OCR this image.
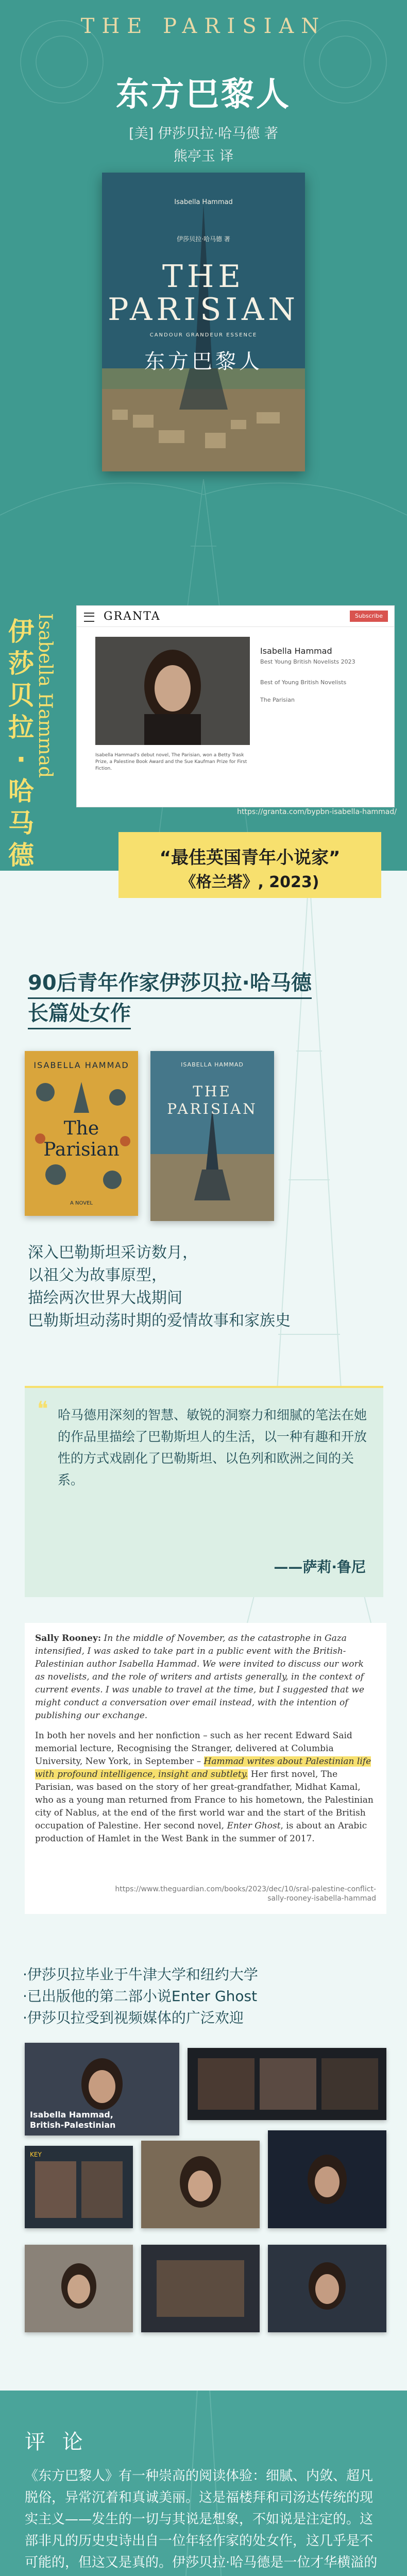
THE PARISIAN
东方巴黎人
[美] 伊莎贝拉·哈马德 著
熊亭玉 译
Isabella Hammad
伊莎贝拉·哈马德 著
THE PARISIAN
CANDOUR GRANDEUR ESSENCE
东方巴黎人
伊莎贝拉·哈马德
Isabella Hammad	GRANTA	Subscribe
Isabella Hammad
Best Young British Novelists 2023
Best of Young British Novelists
The Parisian
Isabella Hammad's debut novel, The Parisian, won a Betty Trask Prize, a Palestine Book Award and the Sue Kaufman Prize for First Fiction.
https://granta.com/bypbn-isabella-hammad/
“最佳英国青年小说家”
《格兰塔》, 2023)
90后青年作家伊莎贝拉·哈马德
长篇处女作
ISABELLA HAMMAD
The Parisian
A NOVEL
ISABELLA HAMMAD
THE PARISIAN
深入巴勒斯坦采访数月，
以祖父为故事原型，
描绘两次世界大战期间
巴勒斯坦动荡时期的爱情故事和家族史
❝ 哈马德用深刻的智慧、敏锐的洞察力和细腻的笔法在她的作品里描绘了巴勒斯坦人的生活，以一种有趣和开放性的方式戏剧化了巴勒斯坦、以色列和欧洲之间的关系。
——萨莉·鲁尼

Sally Rooney: In the middle of November, as the catastrophe in Gaza intensified, I was asked to take part in a public event with the British-Palestinian author Isabella Hammad. We were invited to discuss our work as novelists, and the role of writers and artists generally, in the context of current events. I was unable to travel at the time, but I suggested that we might conduct a conversation over email instead, with the intention of publishing our exchange.

In both her novels and her nonfiction – such as her recent Edward Said memorial lecture, Recognising the Stranger, delivered at Columbia University, New York, in September – Hammad writes about Palestinian life with profound intelligence, insight and subtlety. Her first novel, The Parisian, was based on the story of her great-grandfather, Midhat Kamal, who as a young man returned from France to his hometown, the Palestinian city of Nablus, at the end of the first world war and the start of the British occupation of Palestine. Her second novel, Enter Ghost, is about an Arabic production of Hamlet in the West Bank in the summer of 2017.

https://www.theguardian.com/books/2023/dec/10/sral-palestine-conflict-
sally-rooney-isabella-hammad
·伊莎贝拉毕业于牛津大学和纽约大学
·已出版他的第二部小说Enter Ghost
·伊莎贝拉受到视频媒体的广泛欢迎
Isabella Hammad, British-Palestinian
KEY
评 论
《东方巴黎人》有一种崇高的阅读体验：细腻、内敛、超凡脱俗，异常沉着和真诚美丽。这是福楼拜和司汤达传统的现实主义——发生的一切与其说是想象，不如说是注定的。这部非凡的历史史诗出自一位年轻作家的处女作，这几乎是不可能的，但这又是真的。伊莎贝拉·哈马德是一位才华横溢的
